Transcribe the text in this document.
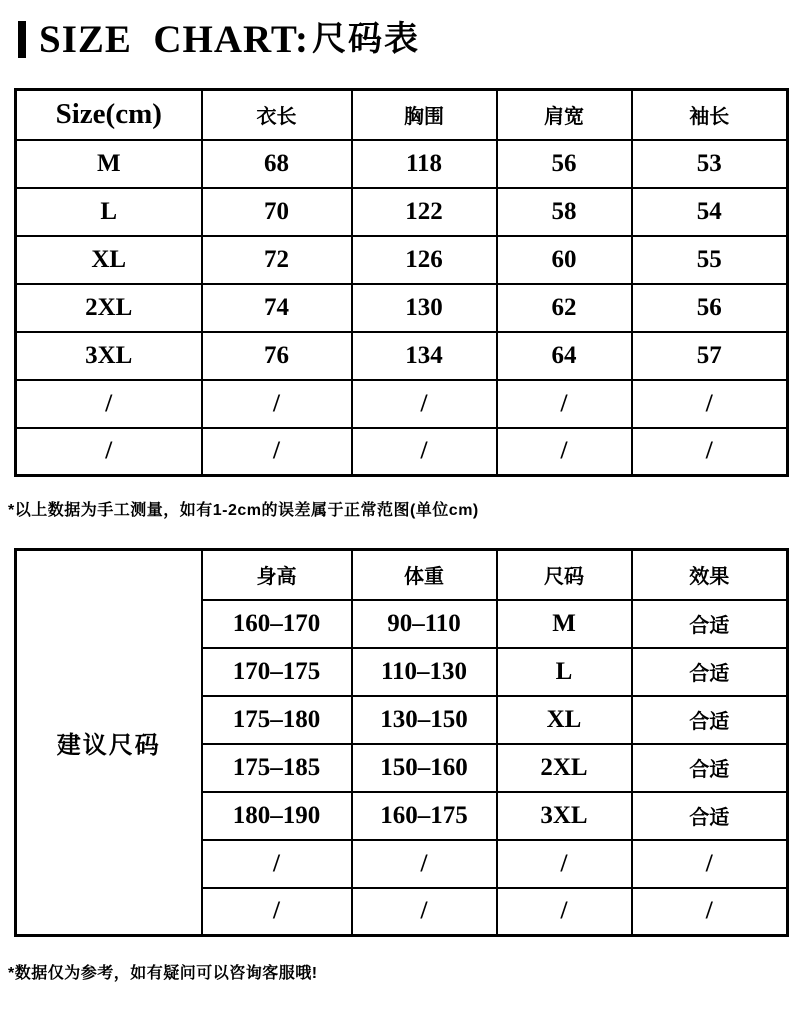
SIZE  CHART: 尺码表
Size(cm)	衣长	胸围	肩宽	袖长
M	68	118	56	53
L	70	122	58	54
XL	72	126	60	55
2XL	74	130	62	56
3XL	76	134	64	57
/	/	/	/	/
/	/	/	/	/
*以上数据为手工测量，如有1-2cm的误差属于正常范图(单位cm)
建议尺码	身高	体重	尺码	效果
	160–170	90–110	M	合适
	170–175	110–130	L	合适
	175–180	130–150	XL	合适
	175–185	150–160	2XL	合适
	180–190	160–175	3XL	合适
	/	/	/	/
	/	/	/	/
*数据仅为参考，如有疑问可以咨询客服哦!
